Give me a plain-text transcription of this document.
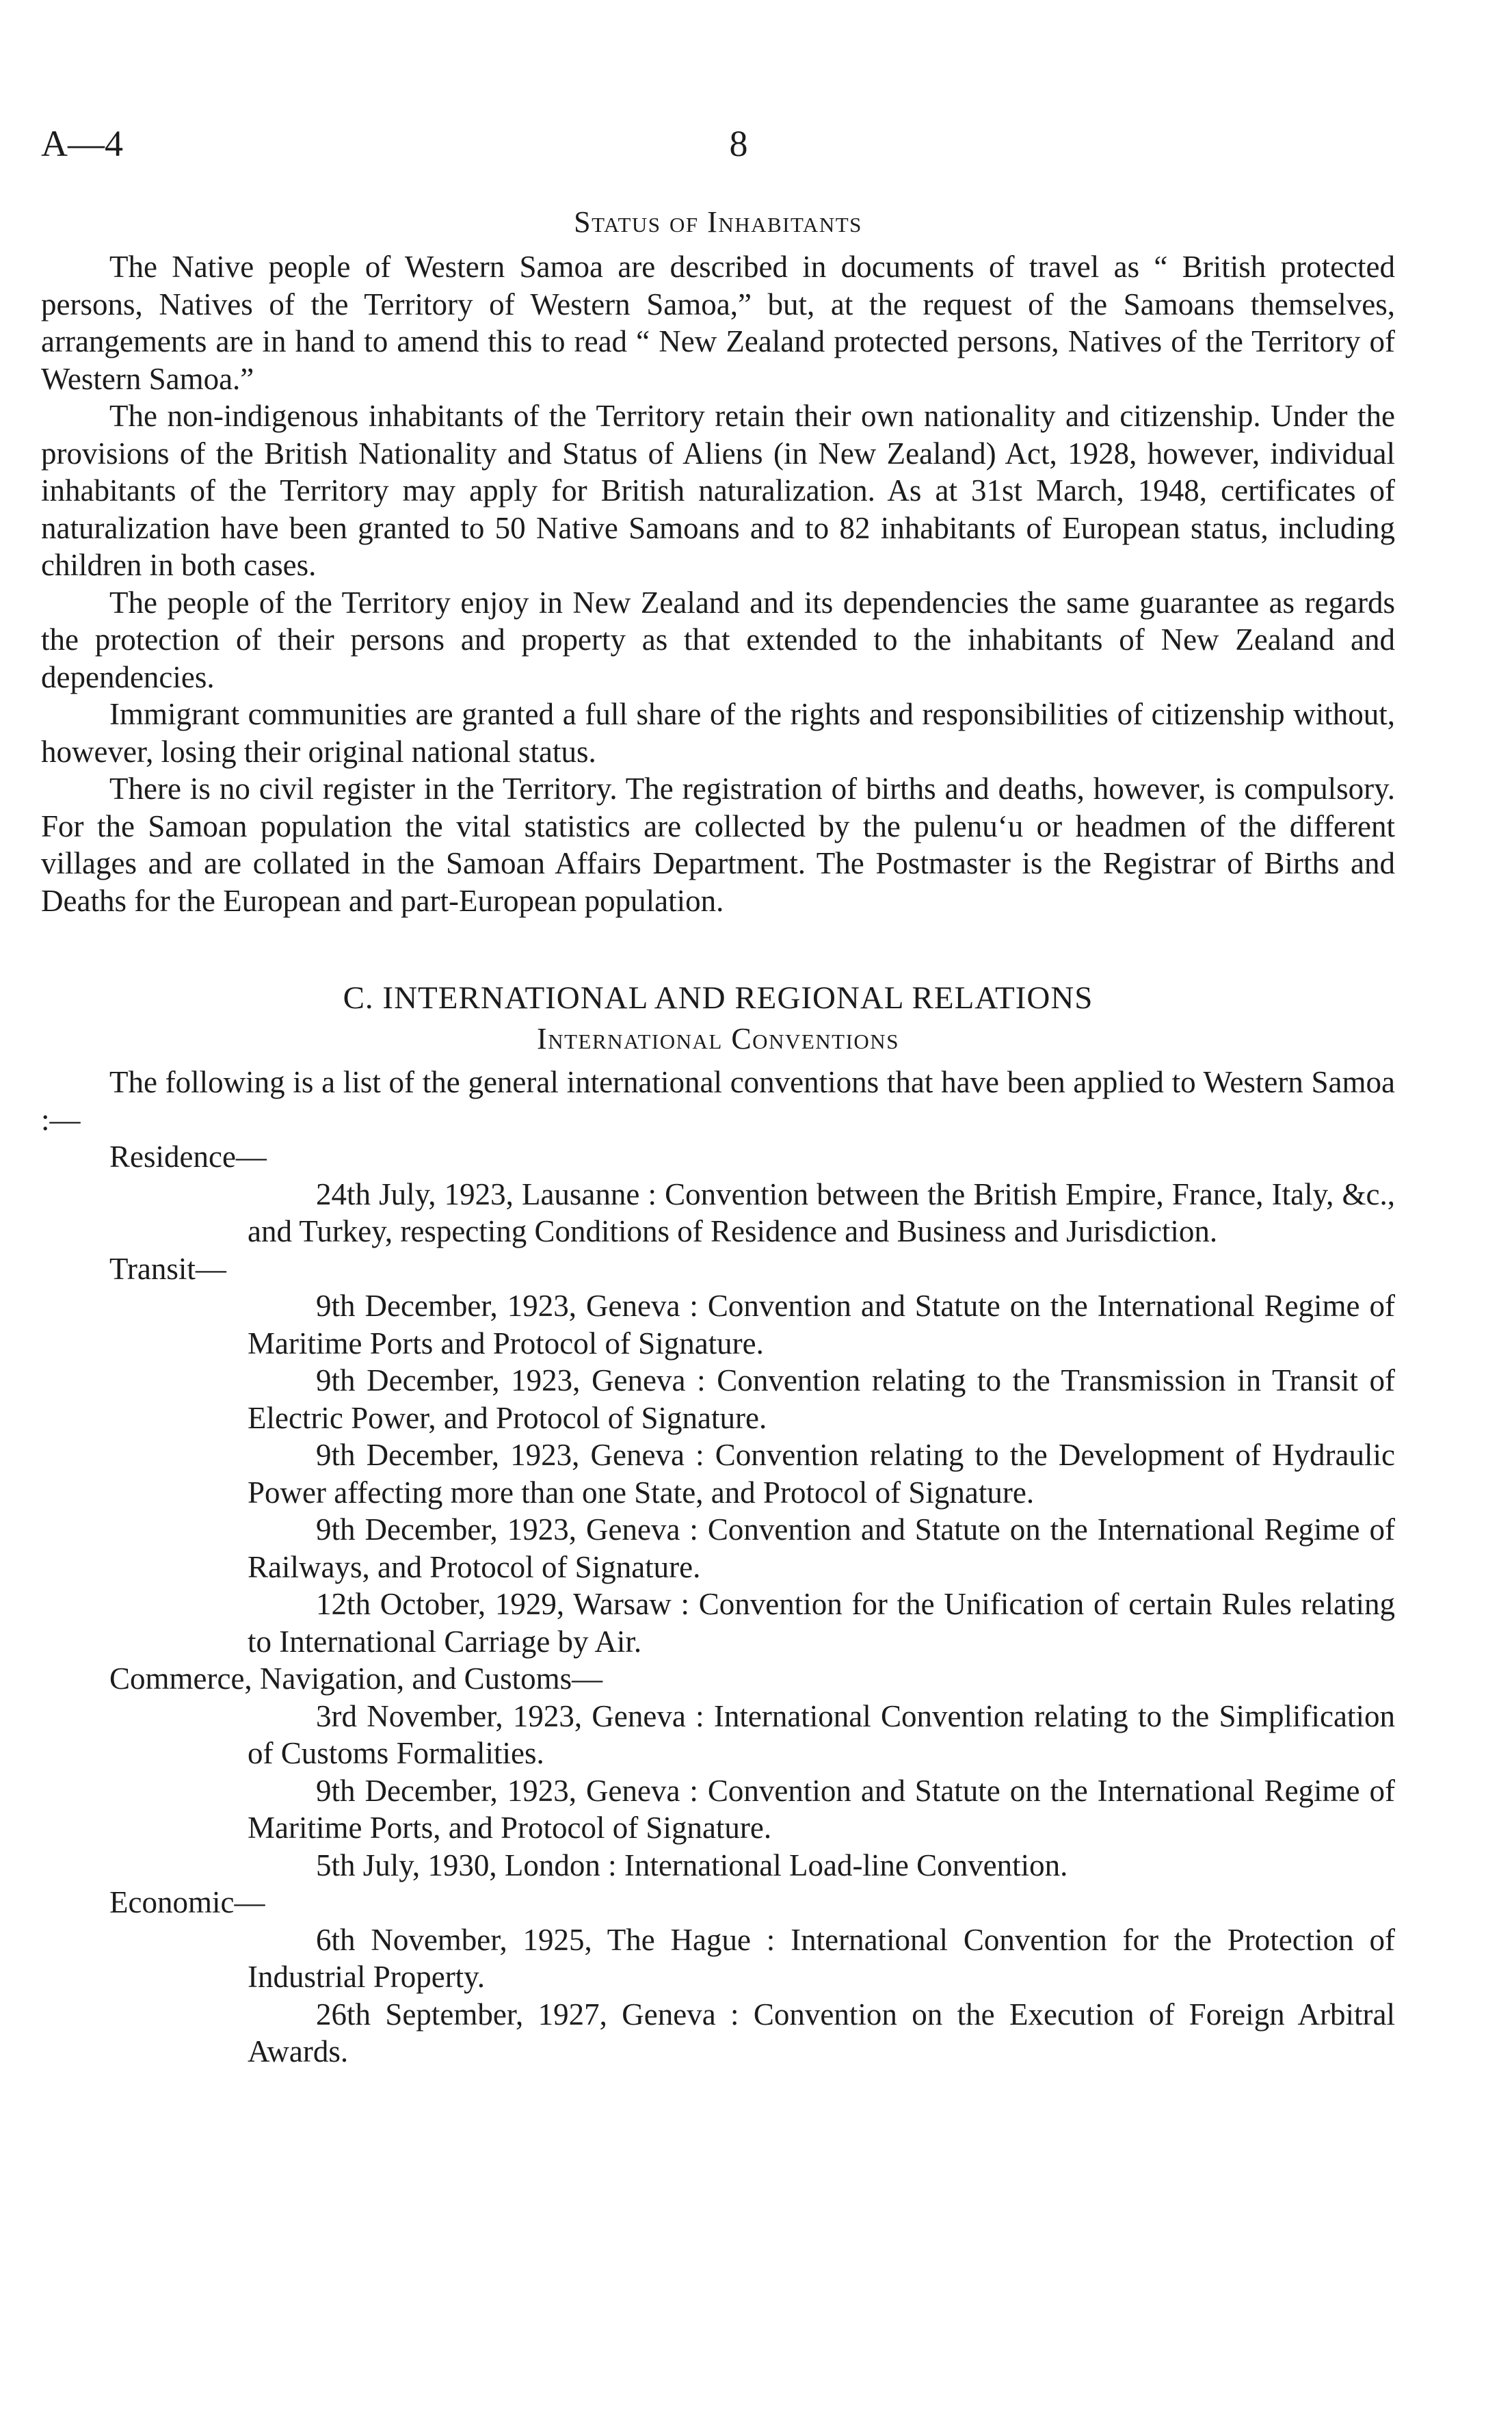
A—4	8
Status of Inhabitants

The Native people of Western Samoa are described in documents of travel as “ British protected persons, Natives of the Territory of Western Samoa,” but, at the request of the Samoans themselves, arrangements are in hand to amend this to read “ New Zealand protected persons, Natives of the Territory of Western Samoa.”

The non-indigenous inhabitants of the Territory retain their own nationality and citizenship. Under the provisions of the British Nationality and Status of Aliens (in New Zealand) Act, 1928, however, individual inhabitants of the Territory may apply for British naturalization. As at 31st March, 1948, certificates of naturalization have been granted to 50 Native Samoans and to 82 inhabitants of European status, including children in both cases.

The people of the Territory enjoy in New Zealand and its dependencies the same guarantee as regards the protection of their persons and property as that extended to the inhabitants of New Zealand and dependencies.

Immigrant communities are granted a full share of the rights and responsibilities of citizenship without, however, losing their original national status.

There is no civil register in the Territory. The registration of births and deaths, however, is compulsory. For the Samoan population the vital statistics are collected by the pulenu‘u or headmen of the different villages and are collated in the Samoan Affairs Department. The Postmaster is the Registrar of Births and Deaths for the European and part-European population.

C. INTERNATIONAL AND REGIONAL RELATIONS
International Conventions

The following is a list of the general international conventions that have been applied to Western Samoa :—

Residence—

24th July, 1923, Lausanne : Convention between the British Empire, France, Italy, &c., and Turkey, respecting Conditions of Residence and Business and Jurisdiction.

Transit—

9th December, 1923, Geneva : Convention and Statute on the International Regime of Maritime Ports and Protocol of Signature.

9th December, 1923, Geneva : Convention relating to the Transmission in Transit of Electric Power, and Protocol of Signature.

9th December, 1923, Geneva : Convention relating to the Development of Hydraulic Power affecting more than one State, and Protocol of Signature.

9th December, 1923, Geneva : Convention and Statute on the International Regime of Railways, and Protocol of Signature.

12th October, 1929, Warsaw : Convention for the Unification of certain Rules relating to International Carriage by Air.

Commerce, Navigation, and Customs—

3rd November, 1923, Geneva : International Convention relating to the Simplification of Customs Formalities.

9th December, 1923, Geneva : Convention and Statute on the International Regime of Maritime Ports, and Protocol of Signature.

5th July, 1930, London : International Load-line Convention.

Economic—

6th November, 1925, The Hague : International Convention for the Protection of Industrial Property.

26th September, 1927, Geneva : Convention on the Execution of Foreign Arbitral Awards.
